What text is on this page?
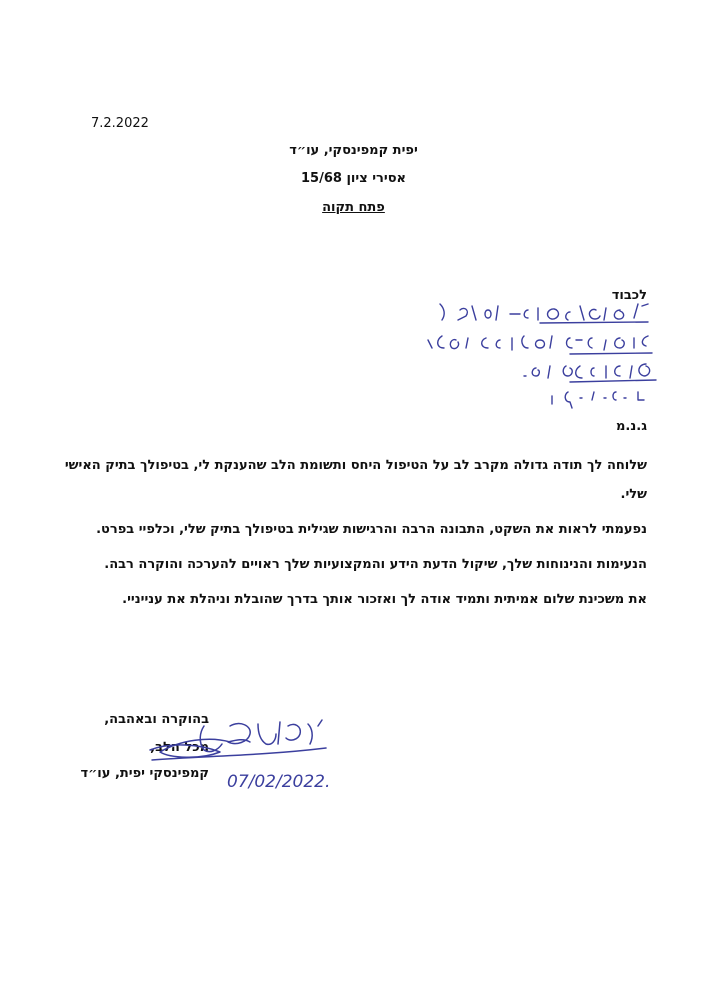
7.2.2022
יפית קמפינסקי, עו״ד
אסירי ציון 15/68
פתח תקוה
לכבוד
ג.נ.מ

שלוחה לך תודה גדולה מקרב לב על הטיפול היחס ותשומת הלב שהענקת לי, בטיפולך בתיק האישי שלי.

נפעמתי לראות את השקט, התבונה הרבה והרגישות שגילית בטיפולך בתיק שלי, וכלפיי בפרט.

הנעימות והנינוחות שלך, שיקול הדעת הידע והמקצועיות שלך ראויים להערכה והוקרה רבה.

את משכינת שלום אמיתית ותמיד אודה לך ואזכור אותך בדרך שהובלת וניהלת את ענייניי.

בהוקרה ובאהבה,
מכל הלב,
קמפינסקי יפית, עו״ד 07/02/2022.
